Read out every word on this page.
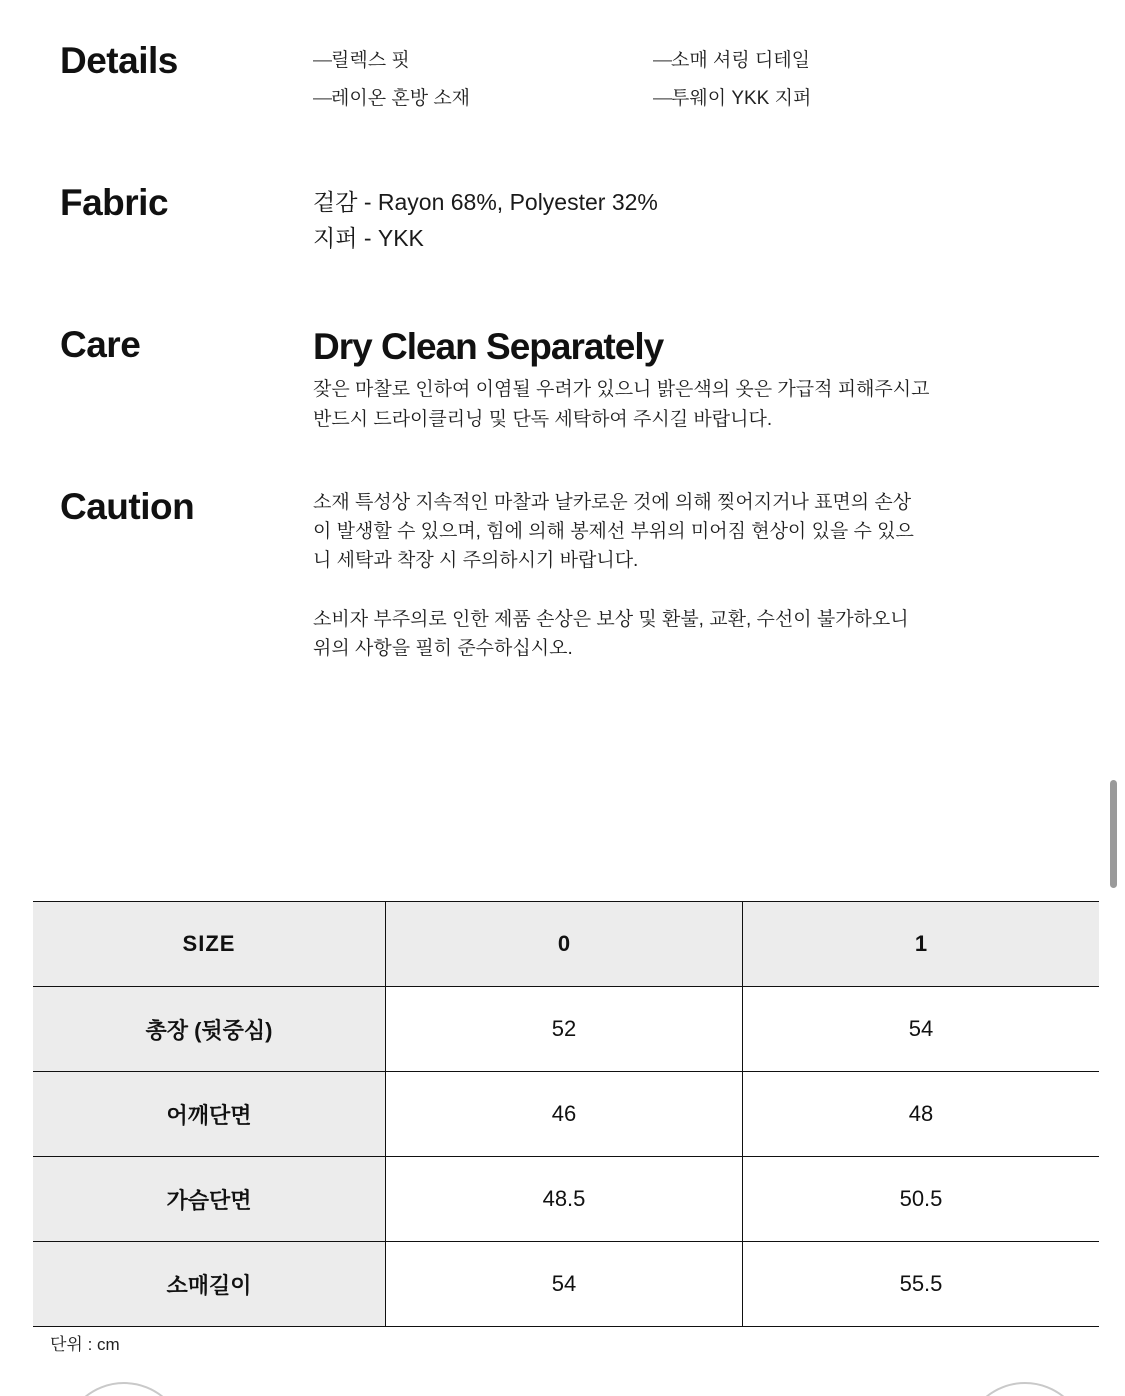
Details	—릴렉스 핏	—소매 셔링 디테일
—레이온 혼방 소재	—투웨이 YKK 지퍼
Fabric	겉감 - Rayon 68%, Polyester 32%
지퍼 - YKK
Care	Dry Clean Separately
잦은 마찰로 인하여 이염될 우려가 있으니 밝은색의 옷은 가급적 피해주시고 반드시 드라이클리닝 및 단독 세탁하여 주시길 바랍니다.
Caution	소재 특성상 지속적인 마찰과 날카로운 것에 의해 찢어지거나 표면의 손상이 발생할 수 있으며, 힘에 의해 봉제선 부위의 미어짐 현상이 있을 수 있으니 세탁과 착장 시 주의하시기 바랍니다.
소비자 부주의로 인한 제품 손상은 보상 및 환불, 교환, 수선이 불가하오니 위의 사항을 필히 준수하십시오.
SIZE	0	1
총장 (뒷중심)	52	54
어깨단면	46	48
가슴단면	48.5	50.5
소매길이	54	55.5
단위 : cm
